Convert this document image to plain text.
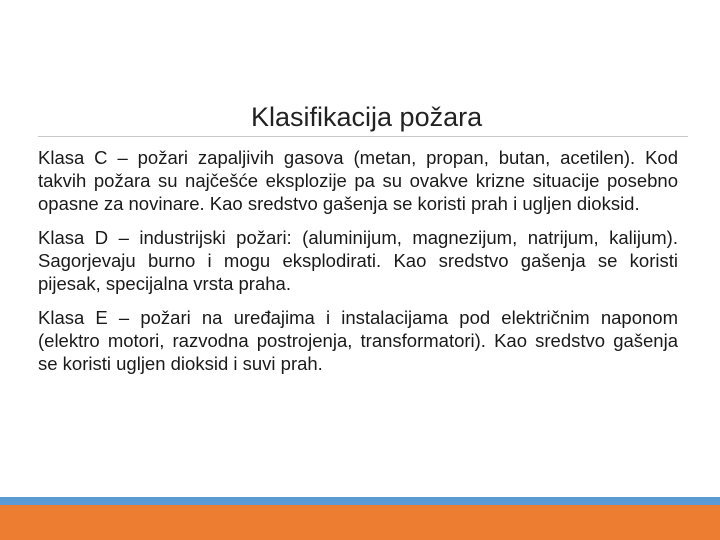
Klasifikacija požara

Klasa C – požari zapaljivih gasova (metan, propan, butan, acetilen). Kod takvih požara su najčešće eksplozije pa su ovakve krizne situacije posebno opasne za novinare. Kao sredstvo gašenja se koristi prah i ugljen dioksid.

Klasa D – industrijski požari: (aluminijum, magnezijum, natrijum, kalijum). Sagorjevaju burno i mogu eksplodirati. Kao sredstvo gašenja se koristi pijesak, specijalna vrsta praha.

Klasa E – požari na uređajima i instalacijama pod električnim naponom (elektro motori, razvodna postrojenja, transformatori). Kao sredstvo gašenja se koristi ugljen dioksid i suvi prah.
